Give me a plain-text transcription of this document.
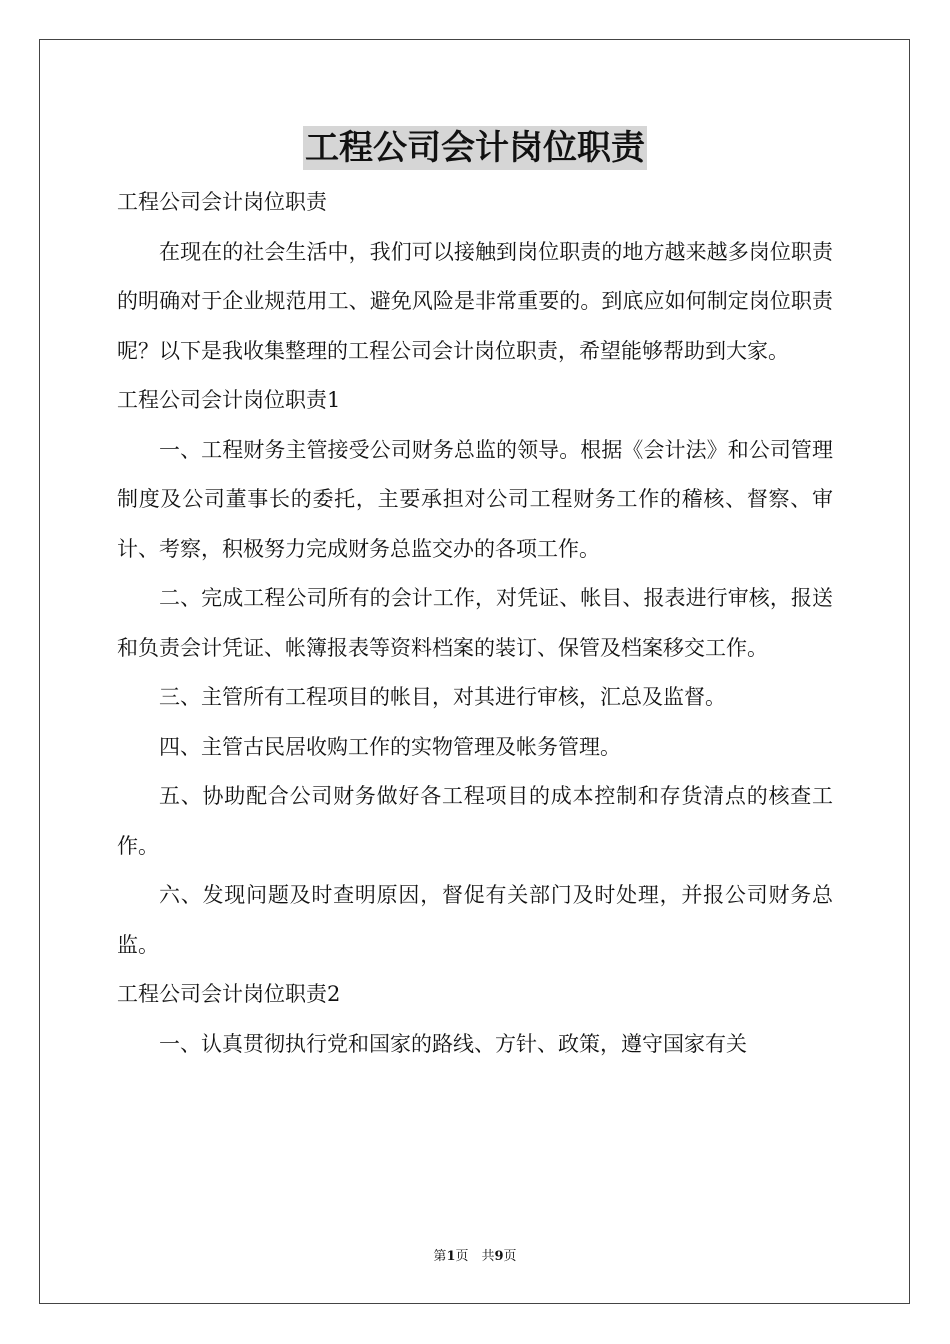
工程公司会计岗位职责

工程公司会计岗位职责

在现在的社会生活中，我们可以接触到岗位职责的地方越来越多岗位职责的明确对于企业规范用工、避免风险是非常重要的。到底应如何制定岗位职责呢？以下是我收集整理的工程公司会计岗位职责，希望能够帮助到大家。

工程公司会计岗位职责1

一、工程财务主管接受公司财务总监的领导。根据《会计法》和公司管理制度及公司董事长的委托，主要承担对公司工程财务工作的稽核、督察、审计、考察，积极努力完成财务总监交办的各项工作。

二、完成工程公司所有的会计工作，对凭证、帐目、报表进行审核，报送和负责会计凭证、帐簿报表等资料档案的装订、保管及档案移交工作。

三、主管所有工程项目的帐目，对其进行审核，汇总及监督。

四、主管古民居收购工作的实物管理及帐务管理。

五、协助配合公司财务做好各工程项目的成本控制和存货清点的核查工作。

六、发现问题及时查明原因，督促有关部门及时处理，并报公司财务总监。

工程公司会计岗位职责2

一、认真贯彻执行党和国家的路线、方针、政策，遵守国家有关

第1页　共9页
